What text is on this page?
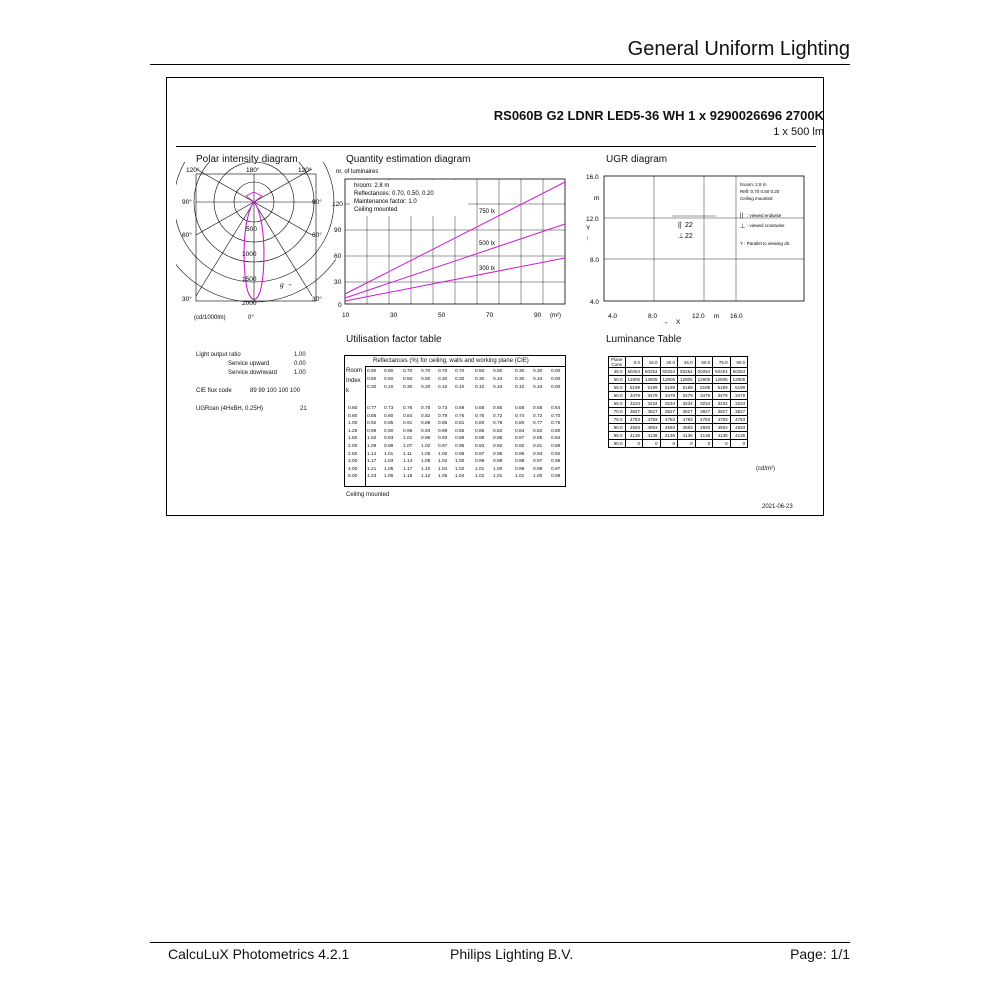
General Uniform Lighting
RS060B G2 LDNR LED5-36 WH 1 x 9290026696 2700K
1 x 500 lm
Polar intensity diagram	Quantity estimation diagram	UGR diagram
Utilisation factor table	Luminance Table
120°	180°	120°
90°	90°
60°	60°
30°	30°
500
1000
1500
2000
g →
(cd/1000lm)	0°
nr. of luminaires
hroom: 2.8 m
Reflectances: 0.70, 0.50, 0.20
Maintenance factor: 1.0
Ceiling mounted	750 lx
500 lx
300 lx
120
90
60
30
0
10	30	50	70	90 (m²)
16.0
12.0
8.0
4.0
m
Y
↑
|| 22
⊥ 22
hroom: 2.8 m
Refl: 0.70 0.50 0.20
Ceiling mounted
|| : viewed endwise
⊥ : viewed crosswise
Y : Parallel to viewing dir.
4.0	8.0	12.0 m 16.0
→ X
Light output ratio	1.00
Service upward	0.00
Service downward	1.00
CIE flux code	89 99 100 100 100
UGRcen (4HxBH, 0.25H)	21
Reflectances (%) for ceiling, walls and working plane (CIE)
Room
Index
k
0.80 0.80 0.70 0.70 0.70 0.70 0.50 0.50	0.30 0.30 0.00
0.50 0.50 0.50 0.50 0.30 0.30 0.30 0.10	0.30 0.10 0.00
0.30 0.10 0.30 0.20 0.10 0.10 0.10 0.10	0.10 0.10 0.00
0.60 0.77 0.73 0.76 0.75 0.73 0.69 0.68 0.66	0.68 0.65 0.64
0.80 0.85 0.80 0.84 0.82 0.79 0.75 0.75 0.72	0.74 0.72 0.70
1.00 0.92 0.85 0.91 0.88 0.85 0.81 0.80 0.78	0.80 0.77 0.76
1.25 0.98 0.90 0.96 0.93 0.89 0.86 0.85 0.82	0.84 0.82 0.80
1.50 1.02 0.93 1.01 0.96 0.93 0.89 0.88 0.86	0.87 0.85 0.84
2.00 1.09 0.98 1.07 1.02 0.97 0.95 0.93 0.92	0.92 0.91 0.89
2.50 1.14 1.01 1.11 1.05 1.00 0.98 0.97 0.95	0.95 0.94 0.92
3.00 1.17 1.03 1.14 1.08 1.02 1.00 0.99 0.98	0.98 0.97 0.95
4.00 1.21 1.05 1.17 1.10 1.04 1.02 1.01 1.00	0.99 0.99 0.97
5.00 1.23 1.06 1.19 1.12 1.05 1.04 1.02 1.01	1.01 1.00 0.98
Ceiling mounted
Plane
Cone	0.0	15.0	30.0	45.0	60.0	75.0	90.0
45.0	50254	50254	50254	50254	50254	50254	50254
50.0	12805	12805	12805	12805	12805	12805	12805
55.0	5199	5199	5199	5199	5199	5199	5199
60.0	3479	3479	3479	3479	3479	3479	3479
65.0	3234	3234	3234	3234	3234	3234	3234
70.0	3827	3827	3827	3827	3827	3827	3827
75.0	4783	4783	4783	4783	4783	4783	4783
80.0	4593	4593	4593	4593	4593	4593	4593
85.0	4136	4136	4136	4136	4136	4136	4136
90.0	0	0	0	0	0	0	0
(cd/m²)
2021-06-23
CalcuLuX Photometrics 4.2.1	Philips Lighting B.V.	Page: 1/1
